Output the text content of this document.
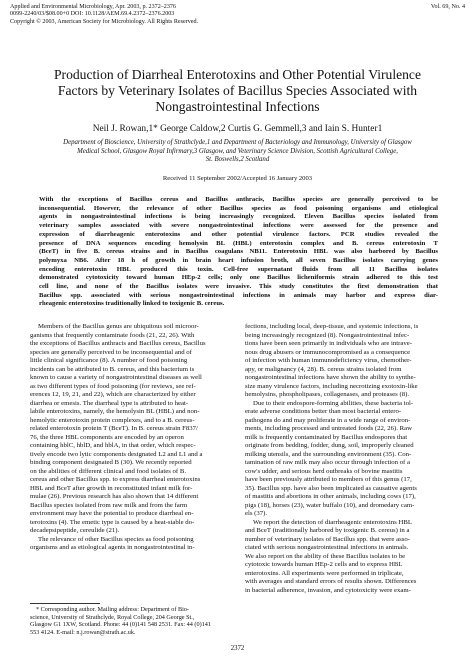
Applied and Environmental Microbiology, Apr. 2003, p. 2372–2376
0099-2240/03/$08.00+0 DOI: 10.1128/AEM.69.4.2372–2376.2003
Copyright © 2003, American Society for Microbiology. All Rights Reserved.
Vol. 69, No. 4
Production of Diarrheal Enterotoxins and Other Potential Virulence
Factors by Veterinary Isolates of Bacillus Species Associated with
Nongastrointestinal Infections
Neil J. Rowan,1* George Caldow,2 Curtis G. Gemmell,3 and Iain S. Hunter1
Department of Bioscience, University of Strathclyde,1 and Department of Bacteriology and Immunology, University of Glasgow
Medical School, Glasgow Royal Infirmary,3 Glasgow, and Veterinary Science Division, Scottish Agricultural College,
St. Boswells,2 Scotland
Received 11 September 2002/Accepted 16 January 2003
With the exceptions of Bacillus cereus and Bacillus anthracis, Bacillus species are generally perceived to be
inconsequential. However, the relevance of other Bacillus species as food poisoning organisms and etiological
agents in nongastrointestinal infections is being increasingly recognized. Eleven Bacillus species isolated from
veterinary samples associated with severe nongastrointestinal infections were assessed for the presence and
expression of diarrheagenic enterotoxins and other potential virulence factors. PCR studies revealed the
presence of DNA sequences encoding hemolysin BL (HBL) enterotoxin complex and B. cereus enterotoxin T
(BceT) in five B. cereus strains and in Bacillus coagulans NB11. Enterotoxin HBL was also harbored by Bacillus
polymyxa NB6. After 18 h of growth in brain heart infusion broth, all seven Bacillus isolates carrying genes
encoding enterotoxin HBL produced this toxin. Cell-free supernatant fluids from all 11 Bacillus isolates
demonstrated cytotoxicity toward human HEp-2 cells; only one Bacillus licheniformis strain adhered to this test
cell line, and none of the Bacillus isolates were invasive. This study constitutes the first demonstration that
Bacillus spp. associated with serious nongastrointestinal infections in animals may harbor and express diar-
rheagenic enterotoxins traditionally linked to toxigenic B. cereus.
Members of the Bacillus genus are ubiquitous soil microor-
ganisms that frequently contaminate foods (21, 22, 26). With
the exceptions of Bacillus anthracis and Bacillus cereus, Bacillus
species are generally perceived to be inconsequential and of
little clinical significance (8). A number of food poisoning
incidents can be attributed to B. cereus, and this bacterium is
known to cause a variety of nongastrointestinal diseases as well
as two different types of food poisoning (for reviews, see ref-
erences 12, 19, 21, and 22), which are characterized by either
diarrhea or emesis. The diarrheal type is attributed to heat-
labile enterotoxins, namely, the hemolysin BL (HBL) and non-
hemolytic enterotoxin protein complexes, and to a B. cereus-
related enterotoxin protein T (BceT). In B. cereus strain F837/
76, the three HBL components are encoded by an operon
containing hblC, hblD, and hblA, in that order, which respec-
tively encode two lytic components designated L2 and L1 and a
binding component designated B (30). We recently reported
on the abilities of different clinical and food isolates of B.
cereus and other Bacillus spp. to express diarrheal enterotoxins
HBL and BceT after growth in reconstituted infant milk for-
mulae (26). Previous research has also shown that 14 different
Bacillus species isolated from raw milk and from the farm
environment may have the potential to produce diarrheal en-
terotoxins (4). The emetic type is caused by a heat-stable do-
decadepsipeptide, cereulide (21).
The relevance of other Bacillus species as food poisoning
organisms and as etiological agents in nongastrointestinal in-
fections, including local, deep-tissue, and systemic infections, is
being increasingly recognized (8). Nongastrointestinal infec-
tions have been seen primarily in individuals who are intrave-
nous drug abusers or immunocompromised as a consequence
of infection with human immunodeficiency virus, chemother-
apy, or malignancy (4, 28). B. cereus strains isolated from
nongastrointestinal infections have shown the ability to synthe-
size many virulence factors, including necrotizing exotoxin-like
hemolysins, phospholipases, collagenases, and proteases (8).
Due to their endospore-forming abilities, these bacteria tol-
erate adverse conditions better than most bacterial entero-
pathogens do and may proliferate in a wide range of environ-
ments, including processed and untreated foods (22, 26). Raw
milk is frequently contaminated by Bacillus endospores that
originate from bedding, fodder, dung, soil, improperly cleaned
milking utensils, and the surrounding environment (35). Con-
tamination of raw milk may also occur through infection of a
cow's udder, and serious herd outbreaks of bovine mastitis
have been previously attributed to members of this genus (17,
35). Bacillus spp. have also been implicated as causative agents
of mastitis and abortions in other animals, including cows (17),
pigs (18), horses (23), water buffalo (10), and dromedary cam-
els (37).
We report the detection of diarrheagenic enterotoxins HBL
and BceT (traditionally harbored by toxigenic B. cereus) in a
number of veterinary isolates of Bacillus spp. that were asso-
ciated with serious nongastrointestinal infections in animals.
We also report on the ability of these Bacillus isolates to be
cytotoxic towards human HEp-2 cells and to express HBL
enterotoxins. All experiments were performed in triplicate,
with averages and standard errors of results shown. Differences
in bacterial adherence, invasion, and cytotoxicity were exam-
* Corresponding author. Mailing address: Department of Bio-
science, University of Strathclyde, Royal College, 204 George St.,
Glasgow G1 1XW, Scotland. Phone: 44 (0)141 548 2531. Fax: 44 (0)141
553 4124. E-mail: n.j.rowan@strath.ac.uk.
2372
